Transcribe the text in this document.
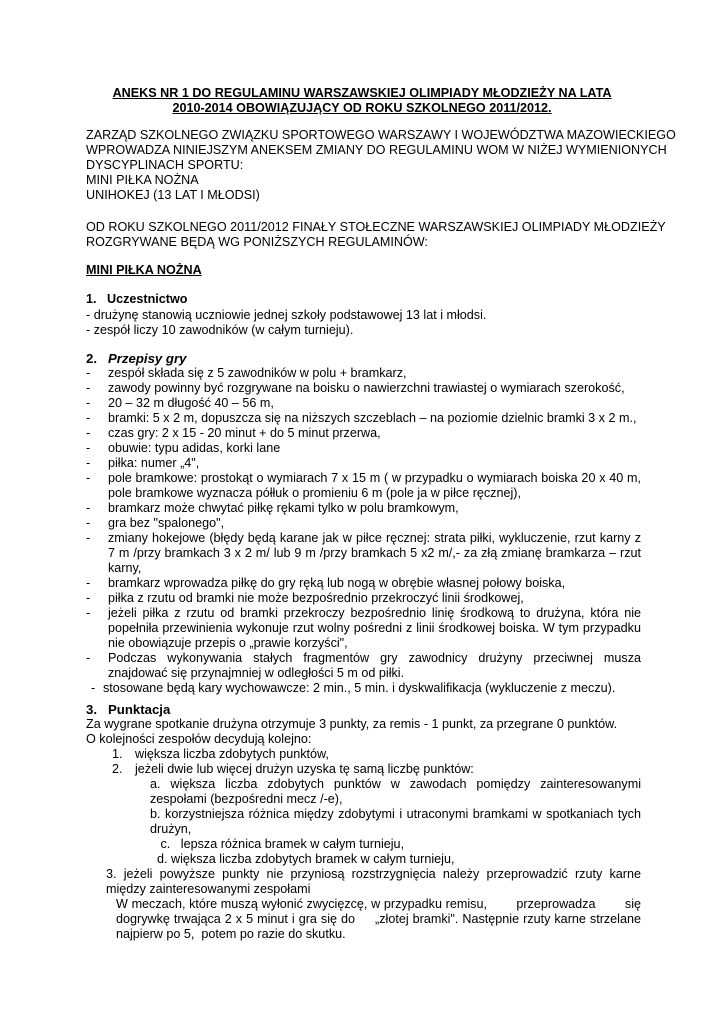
ANEKS NR 1 DO REGULAMINU WARSZAWSKIEJ OLIMPIADY MŁODZIEŻY NA LATA
2010-2014 OBOWIĄZUJĄCY OD ROKU SZKOLNEGO 2011/2012.
ZARZĄD SZKOLNEGO ZWIĄZKU SPORTOWEGO WARSZAWY I WOJEWÓDZTWA MAZOWIECKIEGO
WPROWADZA NINIEJSZYM ANEKSEM ZMIANY DO REGULAMINU WOM W NIŻEJ WYMIENIONYCH
DYSCYPLINACH SPORTU:
MINI PIŁKA NOŻNA
UNIHOKEJ (13 LAT I MŁODSI)
OD ROKU SZKOLNEGO 2011/2012 FINAŁY STOŁECZNE WARSZAWSKIEJ OLIMPIADY MŁODZIEŻY
ROZGRYWANE BĘDĄ WG PONIŻSZYCH REGULAMINÓW:
MINI PIŁKA NOŻNA
1. Uczestnictwo
- drużynę stanowią uczniowie jednej szkoły podstawowej 13 lat i młodsi.
- zespół liczy 10 zawodników (w całym turnieju).
2. Przepisy gry
- zespół składa się z 5 zawodników w polu + bramkarz,
- zawody powinny być rozgrywane na boisku o nawierzchni trawiastej o wymiarach szerokość,
- 20 – 32 m długość 40 – 56 m,
- bramki: 5 x 2 m, dopuszcza się na niższych szczeblach – na poziomie dzielnic bramki 3 x 2 m.,
- czas gry: 2 x 15 - 20 minut + do 5 minut przerwa,
- obuwie: typu adidas, korki lane
- piłka: numer „4",
- pole bramkowe: prostokąt o wymiarach 7 x 15 m ( w przypadku o wymiarach boiska 20 x 40 m, pole bramkowe wyznacza półłuk o promieniu 6 m (pole ja w piłce ręcznej),
- bramkarz może chwytać piłkę rękami tylko w polu bramkowym,
- gra bez "spalonego",
- zmiany hokejowe (błędy będą karane jak w piłce ręcznej: strata piłki, wykluczenie, rzut karny z 7 m /przy bramkach 3 x 2 m/ lub 9 m /przy bramkach 5 x2 m/,- za złą zmianę bramkarza – rzut karny,
- bramkarz wprowadza piłkę do gry ręką lub nogą w obrębie własnej połowy boiska,
- piłka z rzutu od bramki nie może bezpośrednio przekroczyć linii środkowej,
- jeżeli piłka z rzutu od bramki przekroczy bezpośrednio linię środkową to drużyna, która nie popełniła przewinienia wykonuje rzut wolny pośredni z linii środkowej boiska. W tym przypadku nie obowiązuje przepis o „prawie korzyści",
- Podczas wykonywania stałych fragmentów gry zawodnicy drużyny przeciwnej musza znajdować się przynajmniej w odległości 5 m od piłki.
- stosowane będą kary wychowawcze: 2 min., 5 min. i dyskwalifikacja (wykluczenie z meczu).
3. Punktacja
Za wygrane spotkanie drużyna otrzymuje 3 punkty, za remis - 1 punkt, za przegrane 0 punktów.
O kolejności zespołów decydują kolejno:
1. większa liczba zdobytych punktów,
2. jeżeli dwie lub więcej drużyn uzyska tę samą liczbę punktów:
a. większa liczba zdobytych punktów w zawodach pomiędzy zainteresowanymi zespołami (bezpośredni mecz /-e),
b. korzystniejsza różnica między zdobytymi i utraconymi bramkami w spotkaniach tych drużyn,
c.   lepsza różnica bramek w całym turnieju,
d. większa liczba zdobytych bramek w całym turnieju,
3. jeżeli powyższe punkty nie przyniosą rozstrzygnięcia należy przeprowadzić rzuty karne między zainteresowanymi zespołami
W meczach, które muszą wyłonić zwycięzcę, w przypadku remisu,        przeprowadza        się dogrywkę trwająca 2 x 5 minut i gra się do     „złotej bramki". Następnie rzuty karne strzelane najpierw po 5,  potem po razie do skutku.
